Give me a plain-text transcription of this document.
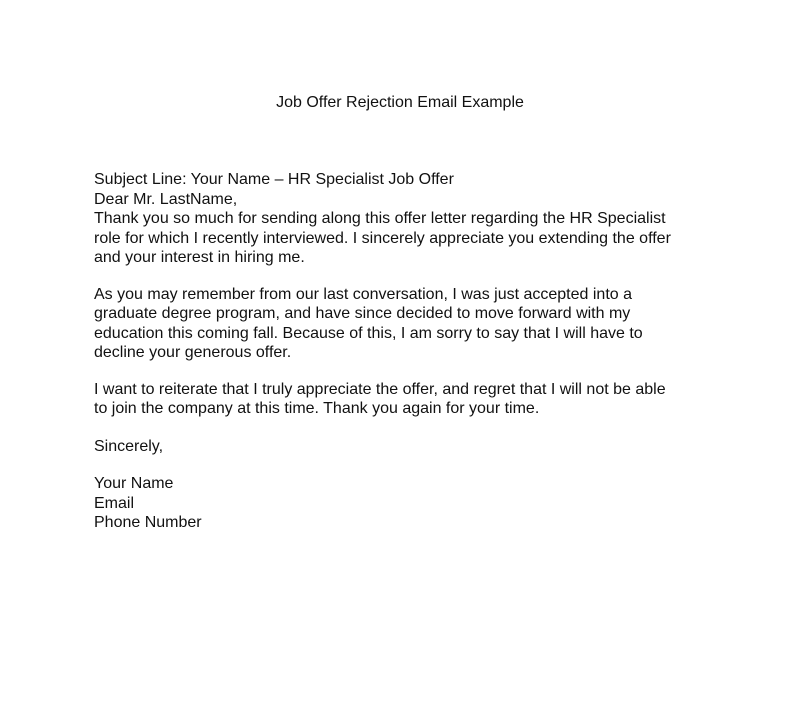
Job Offer Rejection Email Example

Subject Line: Your Name – HR Specialist Job Offer

Dear Mr. LastName,

Thank you so much for sending along this offer letter regarding the HR Specialist
role for which I recently interviewed. I sincerely appreciate you extending the offer
and your interest in hiring me.

As you may remember from our last conversation, I was just accepted into a
graduate degree program, and have since decided to move forward with my
education this coming fall. Because of this, I am sorry to say that I will have to
decline your generous offer.

I want to reiterate that I truly appreciate the offer, and regret that I will not be able
to join the company at this time. Thank you again for your time.

Sincerely,

Your Name
Email
Phone Number
